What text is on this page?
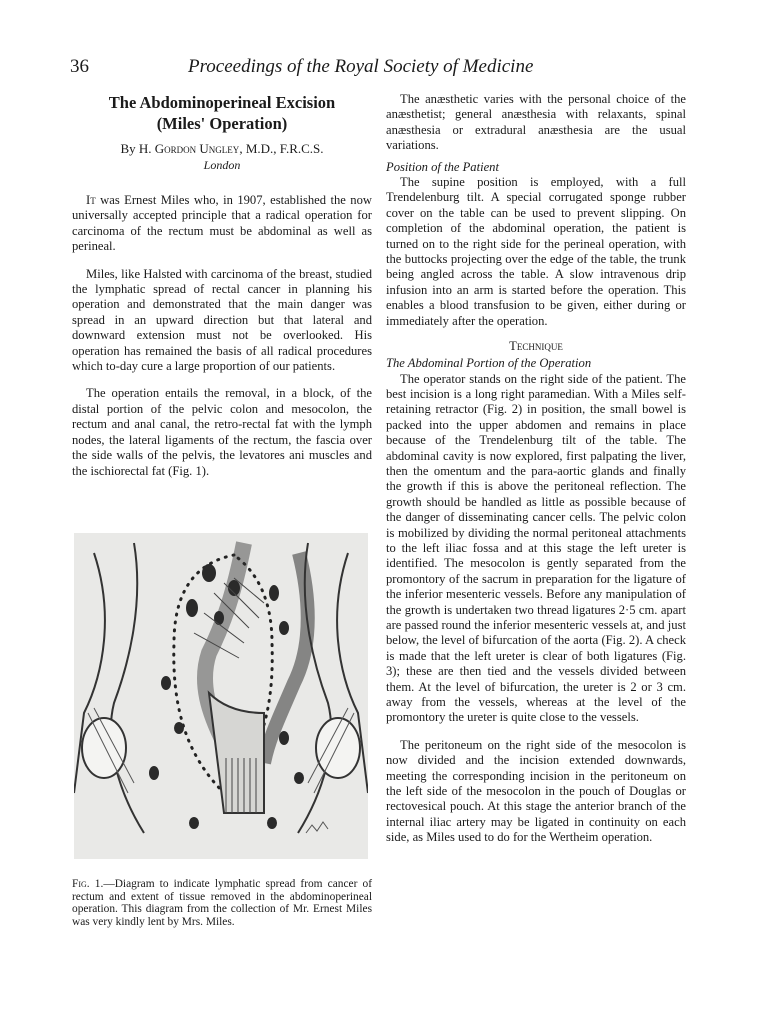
36	Proceedings of the Royal Society of Medicine
The Abdominoperineal Excision
(Miles' Operation)
By H. Gordon Ungley, M.D., F.R.C.S.
London

It was Ernest Miles who, in 1907, established the now universally accepted principle that a radical operation for carcinoma of the rectum must be abdominal as well as perineal.

Miles, like Halsted with carcinoma of the breast, studied the lymphatic spread of rectal cancer in planning his operation and demonstrated that the main danger was spread in an upward direction but that lateral and downward extension must not be overlooked. His operation has remained the basis of all radical procedures which to-day cure a large proportion of our patients.

The operation entails the removal, in a block, of the distal portion of the pelvic colon and mesocolon, the rectum and anal canal, the retro-rectal fat with the lymph nodes, the lateral ligaments of the rectum, the fascia over the side walls of the pelvis, the levatores ani muscles and the ischiorectal fat (Fig. 1).

Fig. 1.—Diagram to indicate lymphatic spread from cancer of rectum and extent of tissue removed in the abdominoperineal operation. This diagram from the collection of Mr. Ernest Miles was very kindly lent by Mrs. Miles.

The anæsthetic varies with the personal choice of the anæsthetist; general anæsthesia with relaxants, spinal anæsthesia or extradural anæsthesia are the usual variations.

Position of the Patient

The supine position is employed, with a full Trendelenburg tilt. A special corrugated sponge rubber cover on the table can be used to prevent slipping. On completion of the abdominal operation, the patient is turned on to the right side for the perineal operation, with the buttocks projecting over the edge of the table, the trunk being angled across the table. A slow intravenous drip infusion into an arm is started before the operation. This enables a blood transfusion to be given, either during or immediately after the operation.

Technique
The Abdominal Portion of the Operation

The operator stands on the right side of the patient. The best incision is a long right paramedian. With a Miles self-retaining retractor (Fig. 2) in position, the small bowel is packed into the upper abdomen and remains in place because of the Trendelenburg tilt of the table. The abdominal cavity is now explored, first palpating the liver, then the omentum and the para-aortic glands and finally the growth if this is above the peritoneal reflection. The growth should be handled as little as possible because of the danger of disseminating cancer cells. The pelvic colon is mobilized by dividing the normal peritoneal attachments to the left iliac fossa and at this stage the left ureter is identified. The mesocolon is gently separated from the promontory of the sacrum in preparation for the ligature of the inferior mesenteric vessels. Before any manipulation of the growth is undertaken two thread ligatures 2·5 cm. apart are passed round the inferior mesenteric vessels at, and just below, the level of bifurcation of the aorta (Fig. 2). A check is made that the left ureter is clear of both ligatures (Fig. 3); these are then tied and the vessels divided between them. At the level of bifurcation, the ureter is 2 or 3 cm. away from the vessels, whereas at the level of the promontory the ureter is quite close to the vessels.

The peritoneum on the right side of the mesocolon is now divided and the incision extended downwards, meeting the corresponding incision in the peritoneum on the left side of the mesocolon in the pouch of Douglas or rectovesical pouch. At this stage the anterior branch of the internal iliac artery may be ligated in continuity on each side, as Miles used to do for the Wertheim operation.
